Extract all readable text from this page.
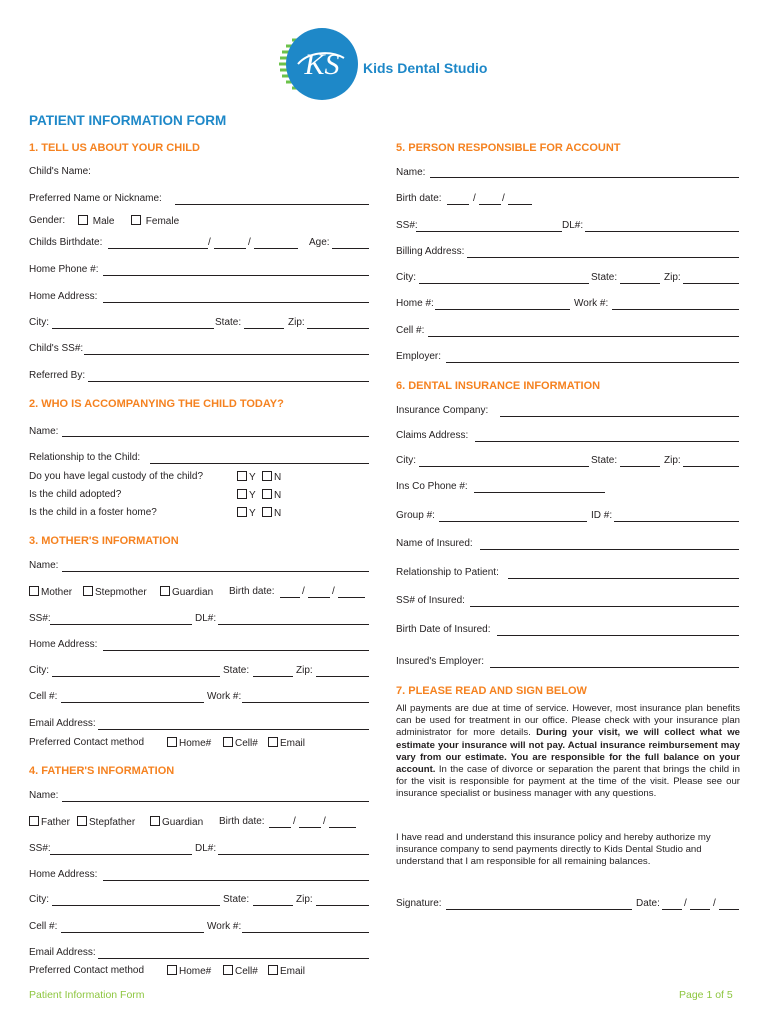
KS Kids Dental Studio
PATIENT INFORMATION FORM
1. TELL US ABOUT YOUR CHILD
Child's Name:
Preferred Name or Nickname:
Gender:	Male	Female
Childs Birthdate:	/	/	Age:
Home Phone #:
Home Address:
City:	State:	Zip:
Child's SS#:
Referred By:
2. WHO IS ACCOMPANYING THE CHILD TODAY?
Name:
Relationship to the Child:
Do you have legal custody of the child?	Y	N
Is the child adopted?	Y	N
Is the child in a foster home?	Y	N
3. MOTHER'S INFORMATION
Name:
Mother	Stepmother	Guardian Birth date:	/	/
SS#:	DL#:
Home Address:
City:	State:	Zip:
Cell #:	Work #:
Email Address:
Preferred Contact method	Home#	Cell#	Email
4. FATHER'S INFORMATION
Name:
Father	Stepfather	Guardian Birth date:	/	/
SS#:	DL#:
Home Address:
City:	State:	Zip:
Cell #:	Work #:
Email Address:
Preferred Contact method	Home#	Cell#	Email
5. PERSON RESPONSIBLE FOR ACCOUNT
Name:
Birth date:	/	/
SS#:	DL#:
Billing Address:
City:	State:	Zip:
Home #:	Work #:
Cell #:
Employer:
6. DENTAL INSURANCE INFORMATION
Insurance Company:
Claims Address:
City:	State:	Zip:
Ins Co Phone #:
Group #:	ID #:
Name of Insured:
Relationship to Patient:
SS# of Insured:
Birth Date of Insured:
Insured's Employer:
7. PLEASE READ AND SIGN BELOW
All payments are due at time of service. However, most insurance plan benefits can be used for treatment in our office. Please check with your insurance plan administrator for more details. During your visit, we will collect what we estimate your insurance will not pay. Actual insurance reimbursement may vary from our estimate. You are responsible for the full balance on your account. In the case of divorce or separation the parent that brings the child in for the visit is responsible for payment at the time of the visit. Please see our insurance specialist or business manager with any questions.
I have read and understand this insurance policy and hereby authorize my insurance company to send payments directly to Kids Dental Studio and understand that I am responsible for all remaining balances.
Signature:	Date: /	/
Patient Information Form	Page 1 of 5
